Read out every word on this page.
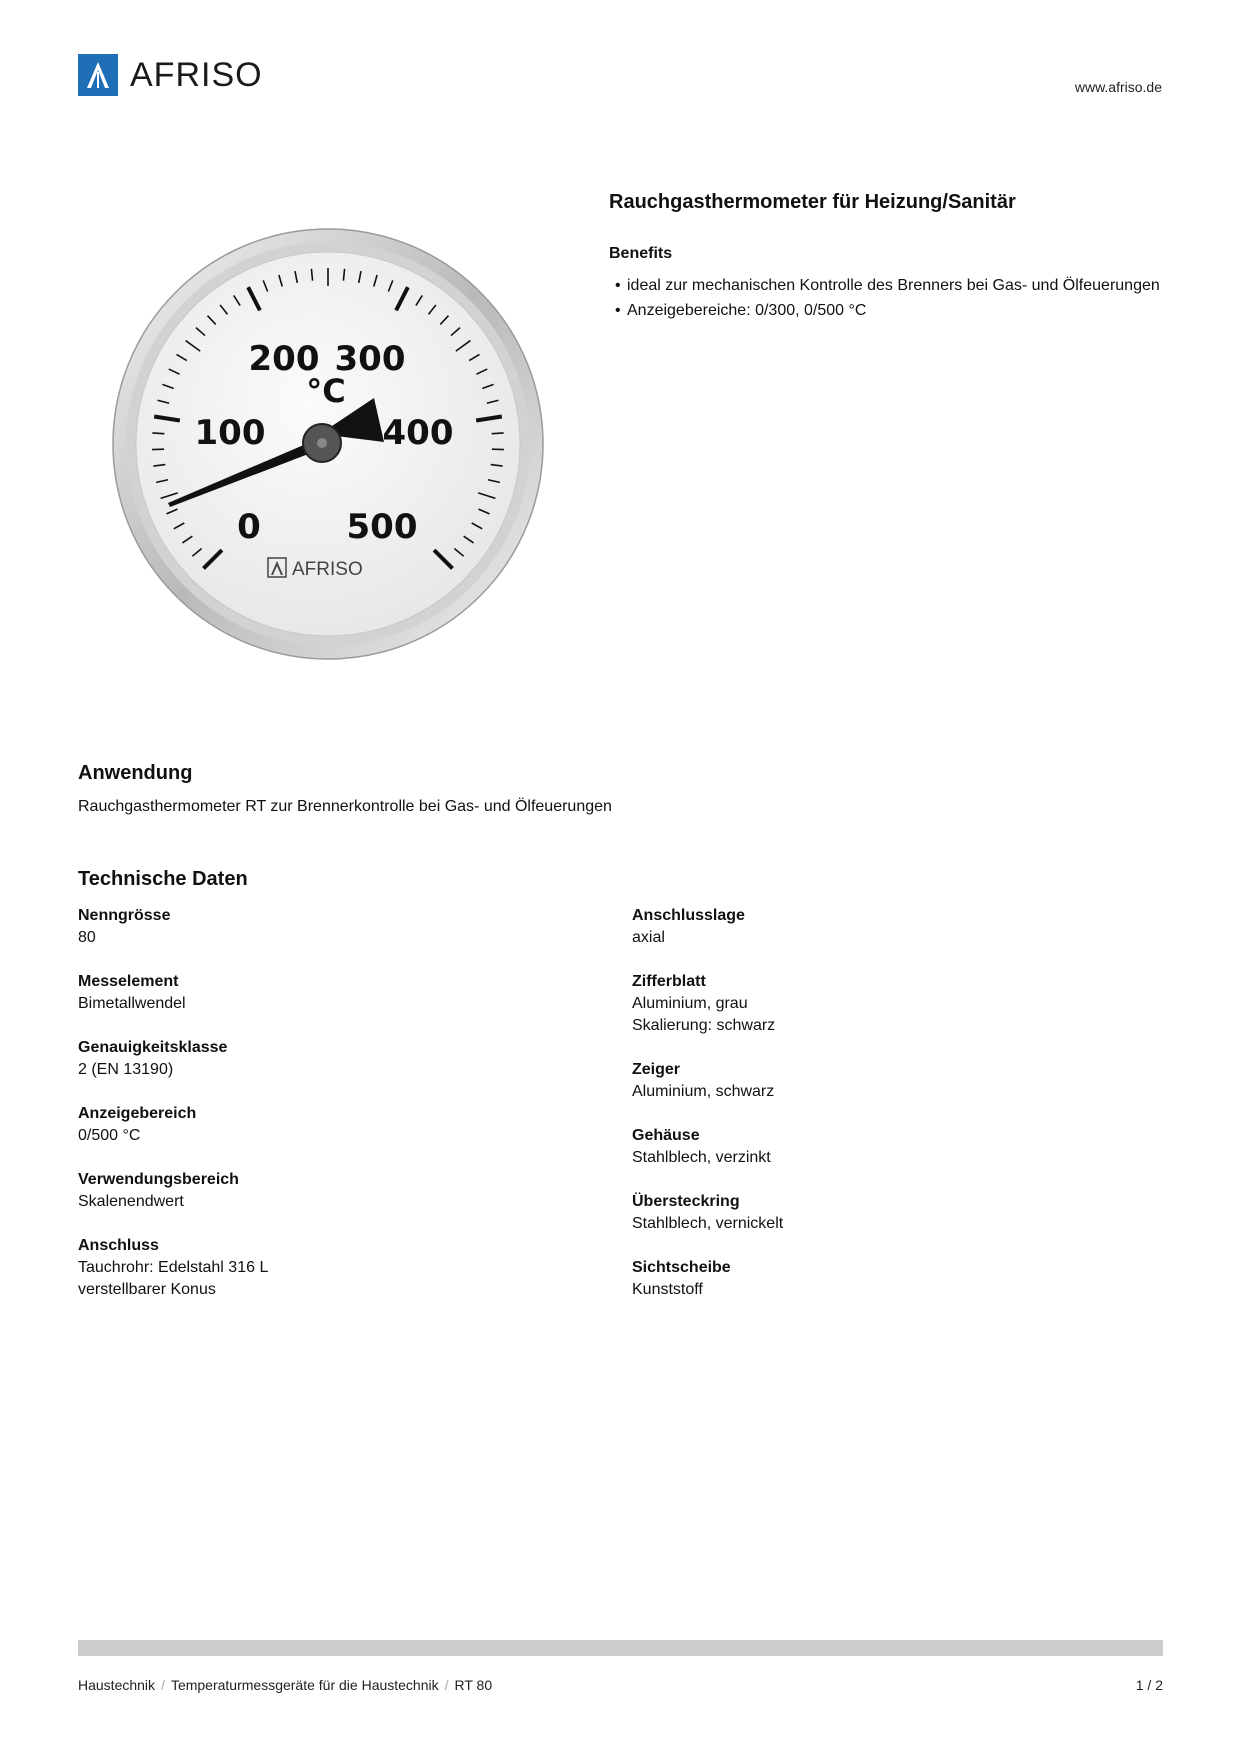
AFRISO	www.afriso.de
0
100
200 300
400
500
°C
AFRISO
Rauchgasthermometer für Heizung/Sanitär
Benefits
• ideal zur mechanischen Kontrolle des Brenners bei Gas- und Ölfeuerungen
• Anzeigebereiche: 0/300, 0/500 °C
Anwendung
Rauchgasthermometer RT zur Brennerkontrolle bei Gas- und Ölfeuerungen
Technische Daten
Nenngrösse
80
Messelement
Bimetallwendel
Genauigkeitsklasse
2 (EN 13190)
Anzeigebereich
0/500 °C
Verwendungsbereich
Skalenendwert
Anschluss
Tauchrohr: Edelstahl 316 L
verstellbarer Konus
Anschlusslage
axial
Zifferblatt
Aluminium, grau
Skalierung: schwarz
Zeiger
Aluminium, schwarz
Gehäuse
Stahlblech, verzinkt
Übersteckring
Stahlblech, vernickelt
Sichtscheibe
Kunststoff
Haustechnik / Temperaturmessgeräte für die Haustechnik / RT 80	1 / 2
